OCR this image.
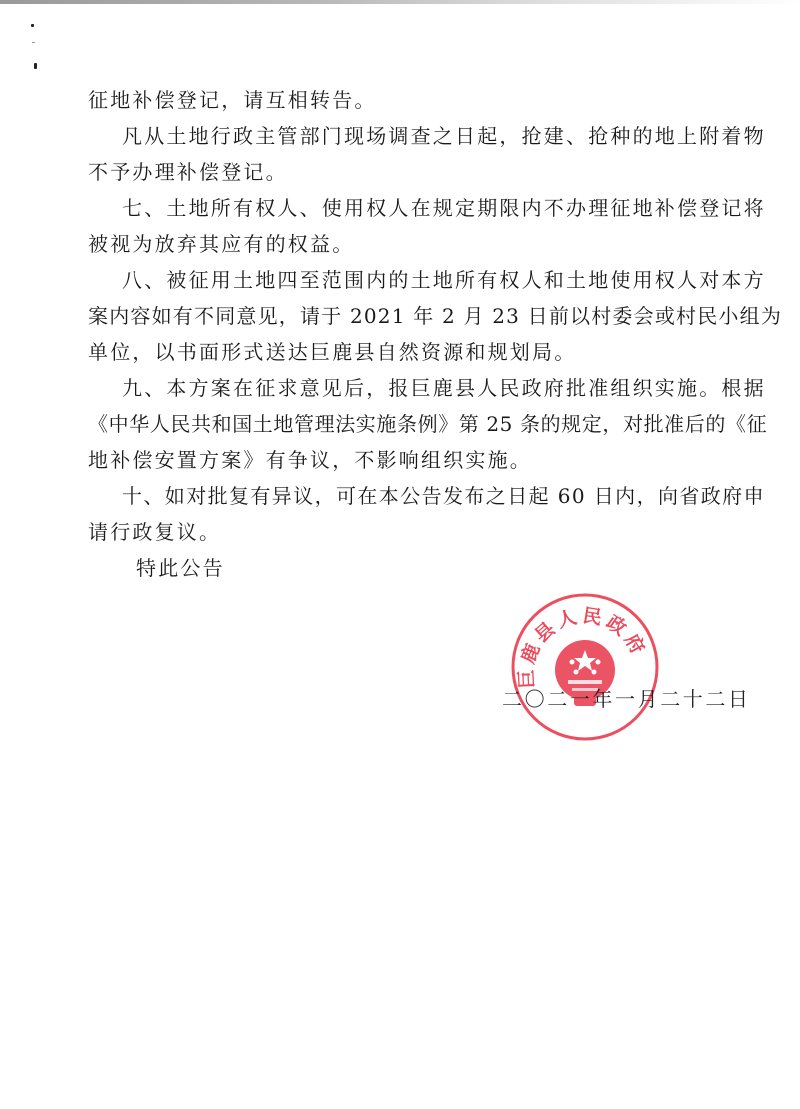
征地补偿登记，请互相转告。
凡从土地行政主管部门现场调查之日起，抢建、抢种的地上附着物
不予办理补偿登记。
七、土地所有权人、使用权人在规定期限内不办理征地补偿登记将
被视为放弃其应有的权益。
八、被征用土地四至范围内的土地所有权人和土地使用权人对本方
案内容如有不同意见，请于 2021 年 2 月 23 日前以村委会或村民小组为
单位，以书面形式送达巨鹿县自然资源和规划局。
九、本方案在征求意见后，报巨鹿县人民政府批准组织实施。根据
《中华人民共和国土地管理法实施条例》第 25 条的规定，对批准后的《征
地补偿安置方案》有争议，不影响组织实施。
十、如对批复有异议，可在本公告发布之日起 60 日内，向省政府申
请行政复议。
特此公告
巨鹿县人民政府
二〇二一年一月二十二日
